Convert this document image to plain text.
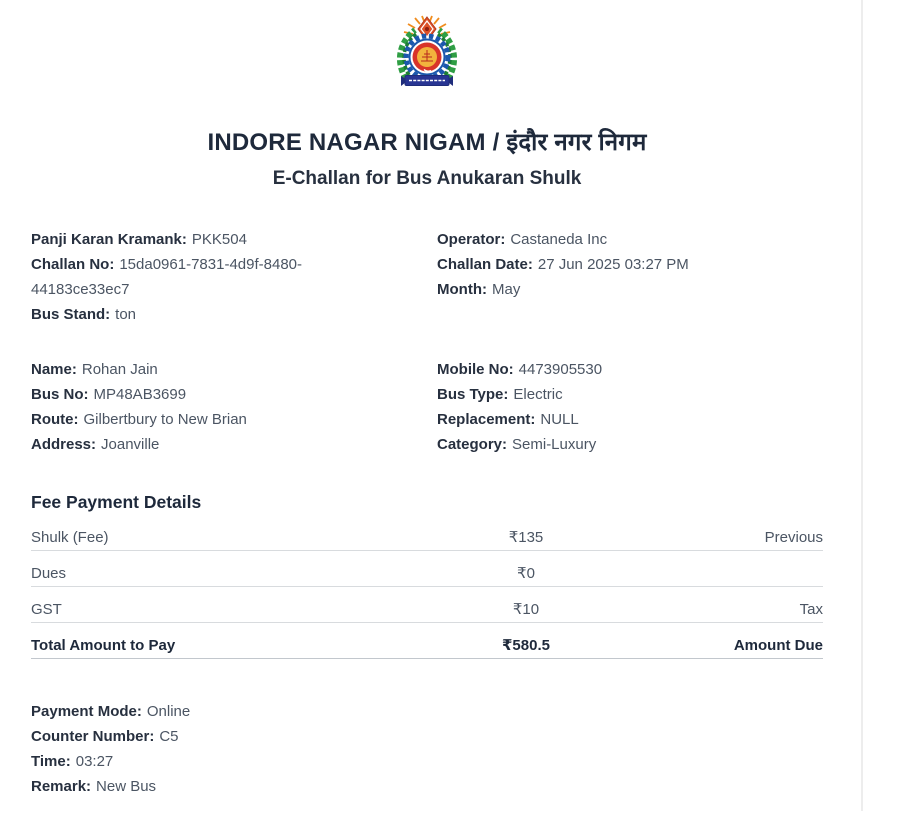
INDORE NAGAR NIGAM / इंदौर नगर निगम
E-Challan for Bus Anukaran Shulk

Panji Karan Kramank: PKK504

Challan No: 15da0961-7831-4d9f-8480-44183ce33ec7

Bus Stand: ton

Operator: Castaneda Inc

Challan Date: 27 Jun 2025 03:27 PM

Month: May

Name: Rohan Jain

Bus No: MP48AB3699

Route: Gilbertbury to New Brian

Address: Joanville

Mobile No: 4473905530

Bus Type: Electric

Replacement: NULL

Category: Semi-Luxury

Fee Payment Details
Shulk (Fee)	₹135	Previous
Dues	₹0
GST	₹10	Tax
Total Amount to Pay	₹580.5	Amount Due

Payment Mode: Online

Counter Number: C5

Time: 03:27

Remark: New Bus
